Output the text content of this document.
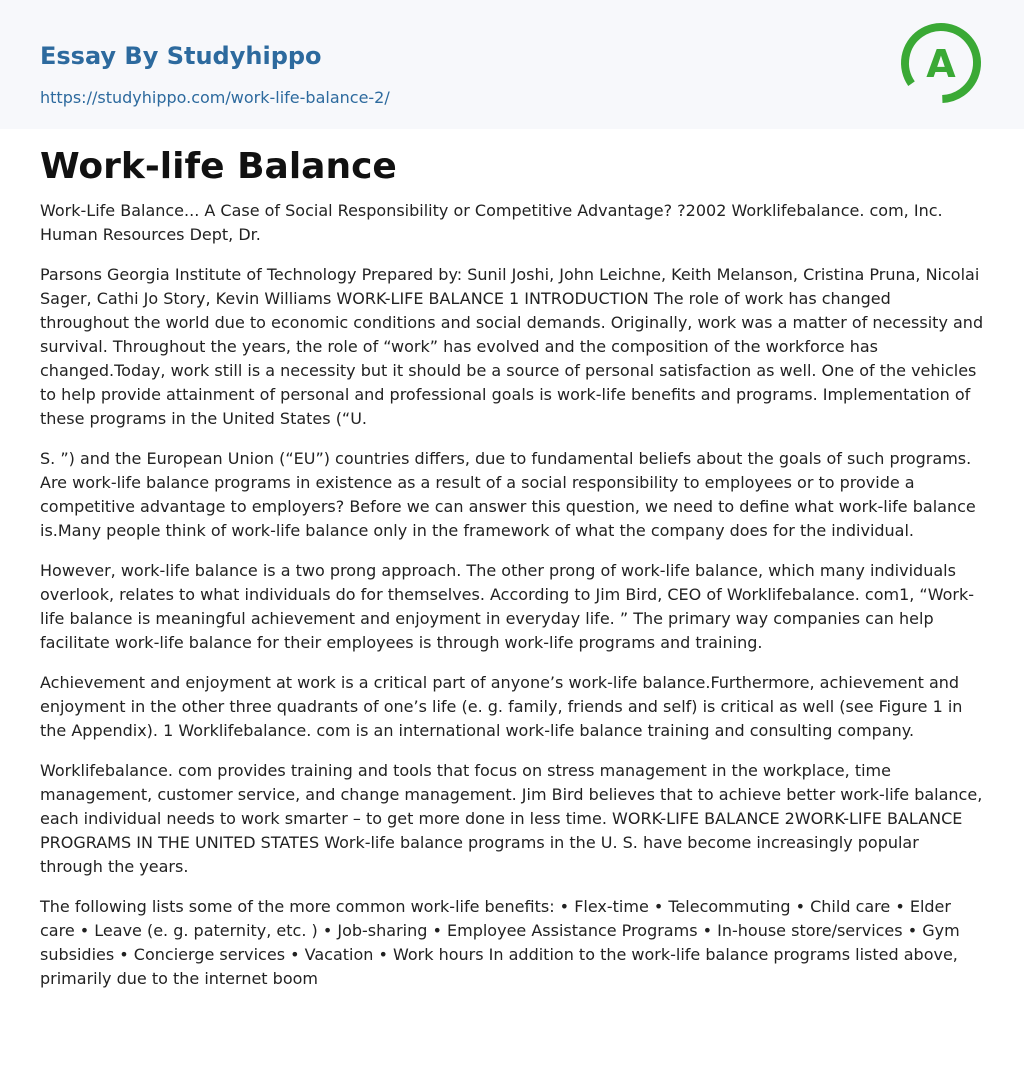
Essay By Studyhippo
https://studyhippo.com/work-life-balance-2/
A
Work-life Balance

Work-Life Balance... A Case of Social Responsibility or Competitive Advantage? ?2002 Worklifebalance. com, Inc. Human Resources Dept, Dr.

Parsons Georgia Institute of Technology Prepared by: Sunil Joshi, John Leichne, Keith Melanson, Cristina Pruna, Nicolai Sager, Cathi Jo Story, Kevin Williams WORK-LIFE BALANCE 1 INTRODUCTION The role of work has changed throughout the world due to economic conditions and social demands. Originally, work was a matter of necessity and survival. Throughout the years, the role of “work” has evolved and the composition of the workforce has changed.Today, work still is a necessity but it should be a source of personal satisfaction as well. One of the vehicles to help provide attainment of personal and professional goals is work-life benefits and programs. Implementation of these programs in the United States (“U.

S. ”) and the European Union (“EU”) countries differs, due to fundamental beliefs about the goals of such programs. Are work-life balance programs in existence as a result of a social responsibility to employees or to provide a competitive advantage to employers? Before we can answer this question, we need to define what work-life balance is.Many people think of work-life balance only in the framework of what the company does for the individual.

However, work-life balance is a two prong approach. The other prong of work-life balance, which many individuals overlook, relates to what individuals do for themselves. According to Jim Bird, CEO of Worklifebalance. com1, “Work-life balance is meaningful achievement and enjoyment in everyday life. ” The primary way companies can help facilitate work-life balance for their employees is through work-life programs and training.

Achievement and enjoyment at work is a critical part of anyone’s work-life balance.Furthermore, achievement and enjoyment in the other three quadrants of one’s life (e. g. family, friends and self) is critical as well (see Figure 1 in the Appendix). 1 Worklifebalance. com is an international work-life balance training and consulting company.

Worklifebalance. com provides training and tools that focus on stress management in the workplace, time management, customer service, and change management. Jim Bird believes that to achieve better work-life balance, each individual needs to work smarter – to get more done in less time. WORK-LIFE BALANCE 2WORK-LIFE BALANCE PROGRAMS IN THE UNITED STATES Work-life balance programs in the U. S. have become increasingly popular through the years.

The following lists some of the more common work-life benefits: • Flex-time • Telecommuting • Child care • Elder care • Leave (e. g. paternity, etc. ) • Job-sharing • Employee Assistance Programs • In-house store/services • Gym subsidies • Concierge services • Vacation • Work hours In addition to the work-life balance programs listed above, primarily due to the internet boom
